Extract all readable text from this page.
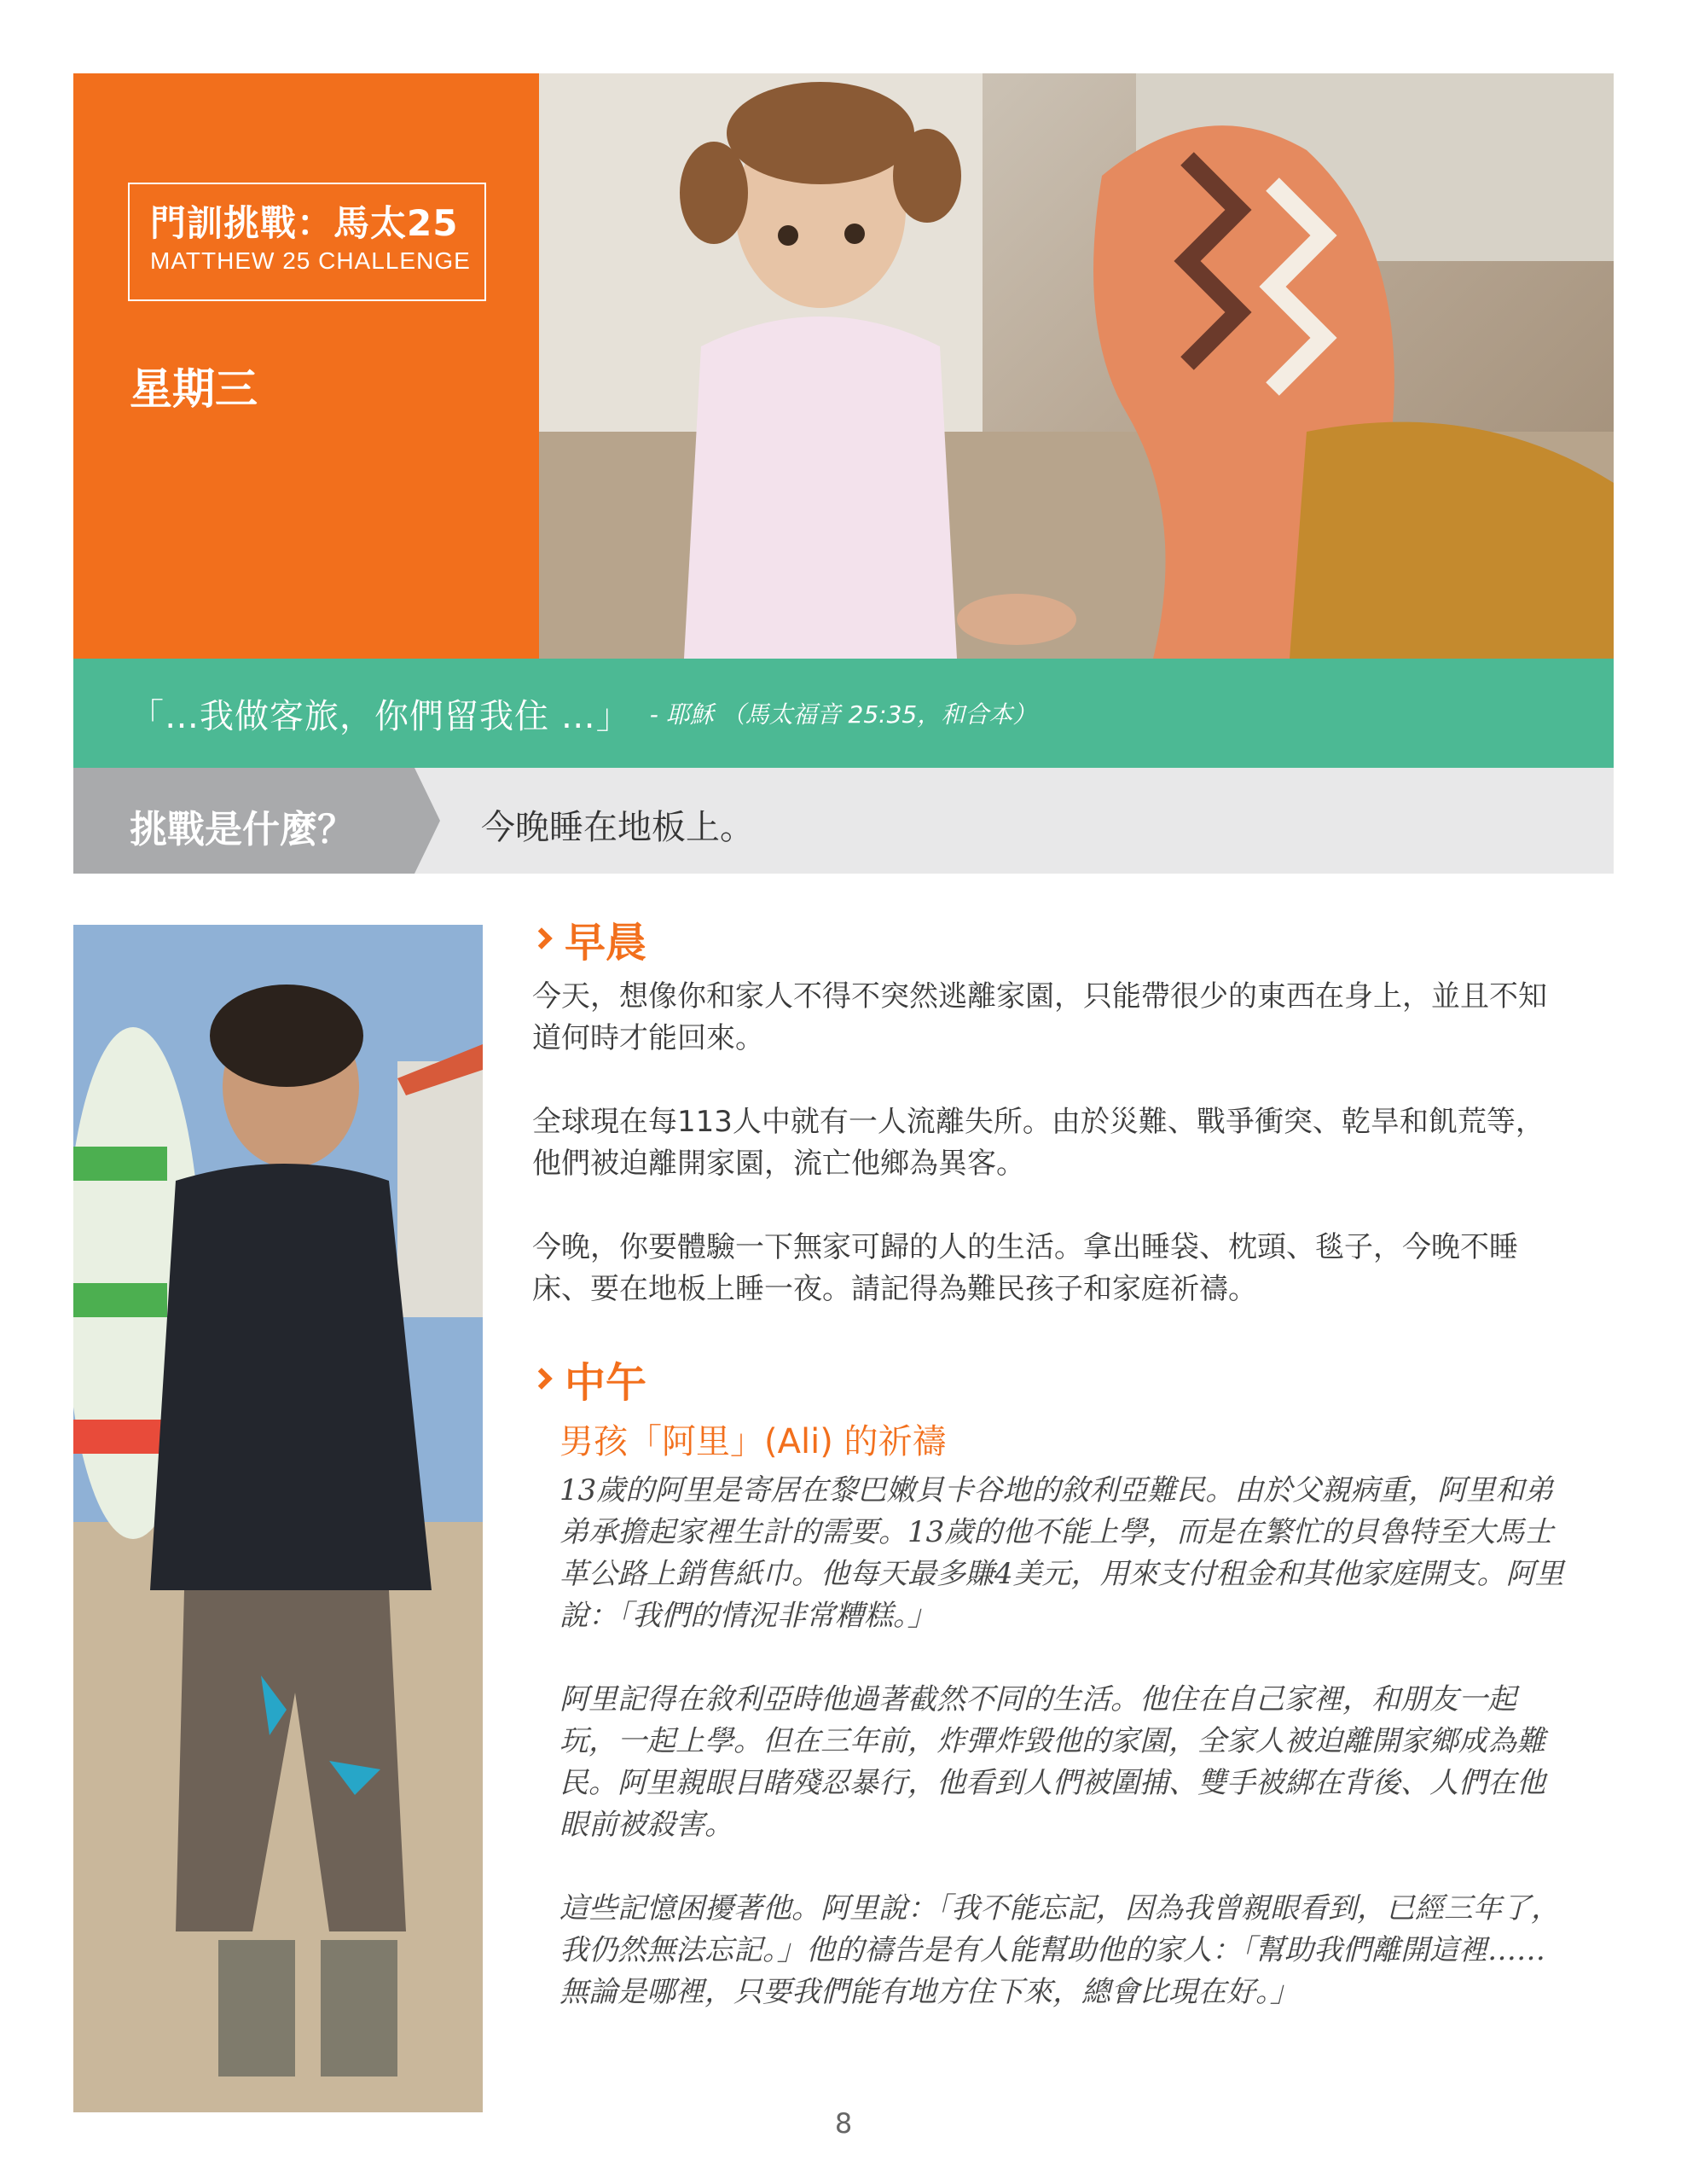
門訓挑戰：馬太25
MATTHEW 25 CHALLENGE
星期三
「…我做客旅，你們留我住 …」 - 耶穌 （馬太福音 25:35，和合本）
挑戰是什麼？	今晚睡在地板上。
早晨

今天，想像你和家人不得不突然逃離家園，只能帶很少的東西在身上，並且不知道何時才能回來。

全球現在每113人中就有一人流離失所。由於災難、戰爭衝突、乾旱和飢荒等，他們被迫離開家園，流亡他鄉為異客。

今晚，你要體驗一下無家可歸的人的生活。拿出睡袋、枕頭、毯子，今晚不睡床、要在地板上睡一夜。請記得為難民孩子和家庭祈禱。

中午
男孩「阿里」(Ali) 的祈禱

13歲的阿里是寄居在黎巴嫩貝卡谷地的敘利亞難民。由於父親病重，阿里和弟弟承擔起家裡生計的需要。13歲的他不能上學，而是在繁忙的貝魯特至大馬士革公路上銷售紙巾。他每天最多賺4美元，用來支付租金和其他家庭開支。阿里說：「我們的情況非常糟糕。」

阿里記得在敘利亞時他過著截然不同的生活。他住在自己家裡，和朋友一起玩，一起上學。但在三年前，炸彈炸毀他的家園，全家人被迫離開家鄉成為難民。阿里親眼目睹殘忍暴行，他看到人們被圍捕、雙手被綁在背後、人們在他眼前被殺害。

這些記憶困擾著他。阿里說：「我不能忘記，因為我曾親眼看到，已經三年了，我仍然無法忘記。」他的禱告是有人能幫助他的家人：「幫助我們離開這裡……無論是哪裡，只要我們能有地方住下來，總會比現在好。」

8
